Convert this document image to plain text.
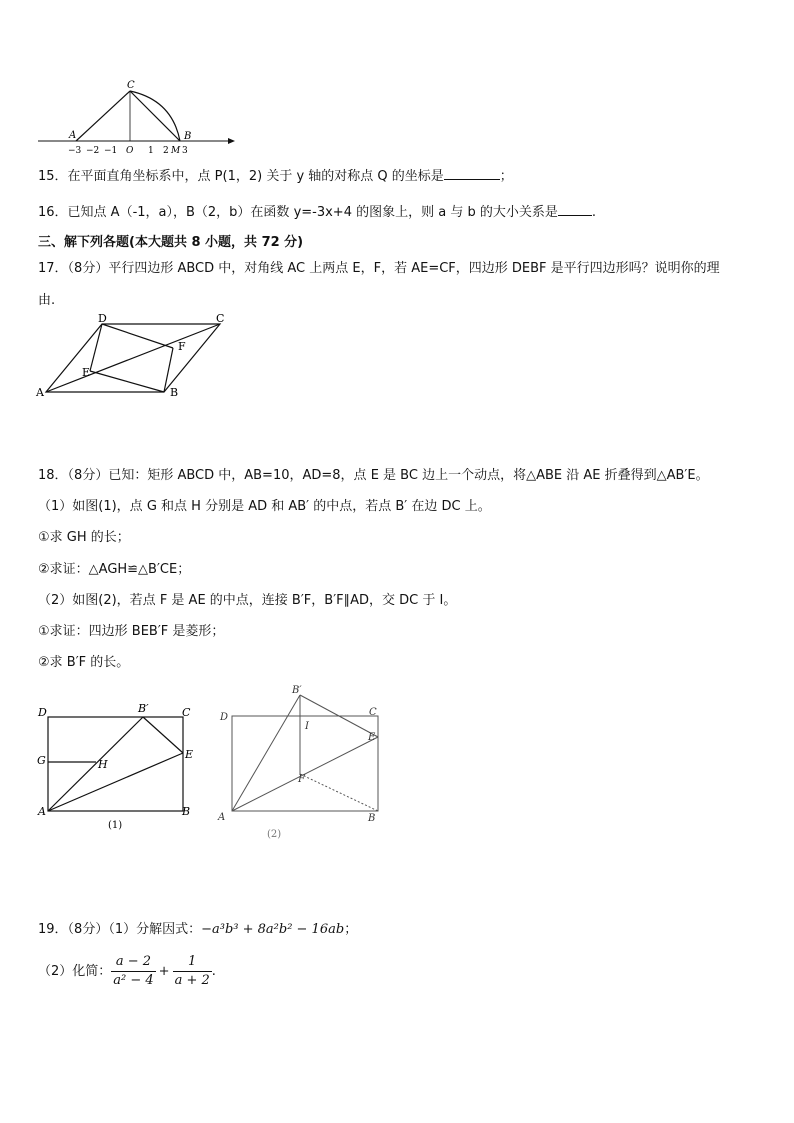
C
A	B
−3 −2 −1 O 1 2 M 3
15．在平面直角坐标系中，点 P(1，2) 关于 y 轴的对称点 Q 的坐标是	；
16．已知点 A（-1，a），B（2，b）在函数 y=-3x+4 的图象上，则 a 与 b 的大小关系是	.
三、解下列各题(本大题共 8 小题，共 72 分)
17．（8分）平行四边形 ABCD 中，对角线 AC 上两点 E，F，若 AE=CF，四边形 DEBF 是平行四边形吗？说明你的理
由.
D	C
F
E
A	B
18．（8分）已知：矩形 ABCD 中，AB=10，AD=8，点 E 是 BC 边上一个动点，将△ABE 沿 AE 折叠得到△AB′E。
（1）如图(1)，点 G 和点 H 分别是 AD 和 AB′ 的中点，若点 B′ 在边 DC 上。
①求 GH 的长；
②求证：△AGH≌△B′CE；
（2）如图(2)，若点 F 是 AE 的中点，连接 B′F，B′F∥AD，交 DC 于 I。
①求证：四边形 BEB′F 是菱形；
②求 B′F 的长。
D	B′	C
G	H
E
A	B
(1)
B′
D	C
I
E
F
A	B
(2)
19．（8分）（1）分解因式：−a³b³ + 8a²b² − 16ab；
（2）化简： $\frac{a - 2}{\text{a² − 4}} + \frac{1}{a + 2}$ .
